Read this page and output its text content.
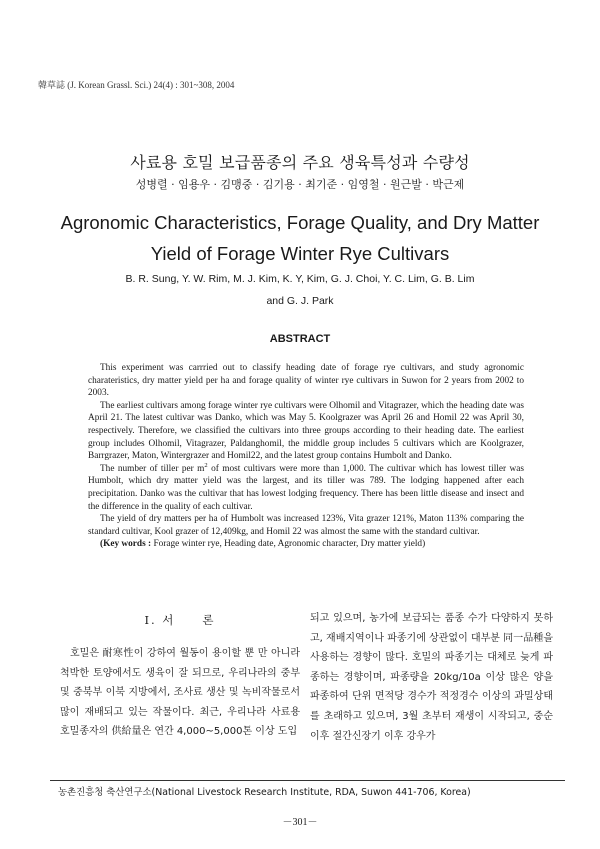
韓草誌 (J. Korean Grassl. Sci.) 24(4) : 301~308, 2004
사료용 호밀 보급품종의 주요 생육특성과 수량성
성병렬 · 임용우 · 김맹중 · 김기용 · 최기준 · 임영철 · 원근발 · 박근제
Agronomic Characteristics, Forage Quality, and Dry Matter
Yield of Forage Winter Rye Cultivars
B. R. Sung, Y. W. Rim, M. J. Kim, K. Y, Kim, G. J. Choi, Y. C. Lim, G. B. Lim
and G. J. Park
ABSTRACT

This experiment was carrried out to classify heading date of forage rye cultivars, and study agronomic charateristics, dry matter yield per ha and forage quality of winter rye cultivars in Suwon for 2 years from 2002 to 2003.

The earliest cultivars among forage winter rye cultivars were Olhomil and Vitagrazer, which the heading date was April 21. The latest cultivar was Danko, which was May 5. Koolgrazer was April 26 and Homil 22 was April 30, respectively. Therefore, we classified the cultivars into three groups according to their heading date. The earliest group includes Olhomil, Vitagrazer, Paldanghomil, the middle group includes 5 cultivars which are Koolgrazer, Barrgrazer, Maton, Wintergrazer and Homil22, and the latest group contains Humbolt and Danko.

The number of tiller per $m^2$ of most cultivars were more than 1,000. The cultivar which has lowest tiller was Humbolt, which dry matter yield was the largest, and its tiller was 789. The lodging happened after each precipitation. Danko was the cultivar that has lowest lodging frequency. There has been little disease and insect and the difference in the quality of each cultivar.

The yield of dry matters per ha of Humbolt was increased 123%, Vita grazer 121%, Maton 113% comparing the standard cultivar, Kool grazer of 12,409kg, and Homil 22 was almost the same with the standard cultivar.

(Key words : Forage winter rye, Heading date, Agronomic character, Dry matter yield)

Ⅰ. 서　　론
호밀은 耐寒性이 강하여 월동이 용이할 뿐 만 아니라 척박한 토양에서도 생육이 잘 되므로, 우리나라의 중부 및 중북부 이북 지방에서, 조사료 생산 및 녹비작물로서 많이 재배되고 있는 작물이다. 최근, 우리나라 사료용 호밀종자의 供給量은 연간 4,000~5,000톤 이상 도입
되고 있으며, 농가에 보급되는 품종 수가 다양하지 못하고, 재배지역이나 파종기에 상관없이 대부분 同一品種을 사용하는 경향이 많다. 호밀의 파종기는 대체로 늦게 파종하는 경향이며, 파종량을 20kg/10a 이상 많은 양을 파종하여 단위 면적당 경수가 적정경수 이상의 과밀상태를 초래하고 있으며, 3월 초부터 재생이 시작되고, 중순이후 절간신장기 이후 강우가
농촌진흥청 축산연구소(National Livestock Research Institute, RDA, Suwon 441-706, Korea)
－301－
